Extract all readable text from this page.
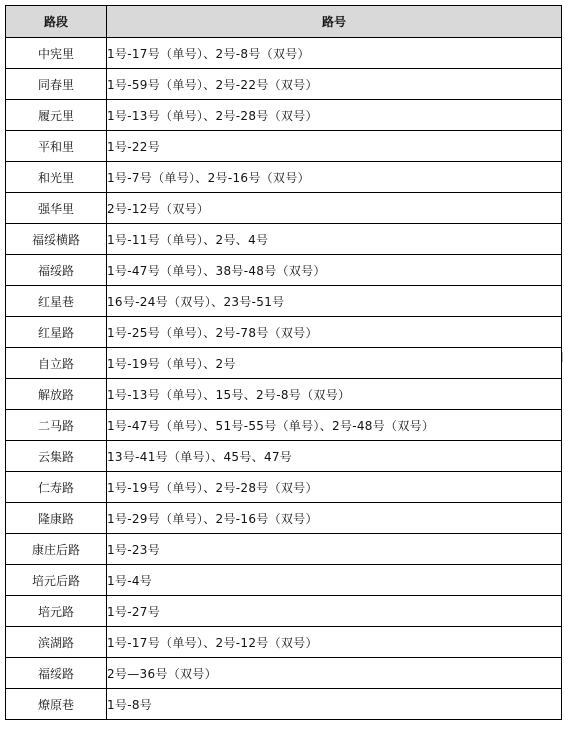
路段	路号
中宪里	1号-17号（单号）、2号-8号（双号）
同春里	1号-59号（单号）、2号-22号（双号）
履元里	1号-13号（单号）、2号-28号（双号）
平和里	1号-22号
和光里	1号-7号（单号）、2号-16号（双号）
强华里	2号-12号（双号）
福绥横路	1号-11号（单号）、2号、4号
福绥路	1号-47号（单号）、38号-48号（双号）
红星巷	16号-24号（双号）、23号-51号
红星路	1号-25号（单号）、2号-78号（双号）
自立路	1号-19号（单号）、2号
解放路	1号-13号（单号）、15号、2号-8号（双号）
二马路	1号-47号（单号）、51号-55号（单号）、2号-48号（双号）
云集路	13号-41号（单号）、45号、47号
仁寿路	1号-19号（单号）、2号-28号（双号）
隆康路	1号-29号（单号）、2号-16号（双号）
康庄后路	1号-23号
培元后路	1号-4号
培元路	1号-27号
滨湖路	1号-17号（单号）、2号-12号（双号）
福绥路	2号—36号（双号）
燎原巷	1号-8号
